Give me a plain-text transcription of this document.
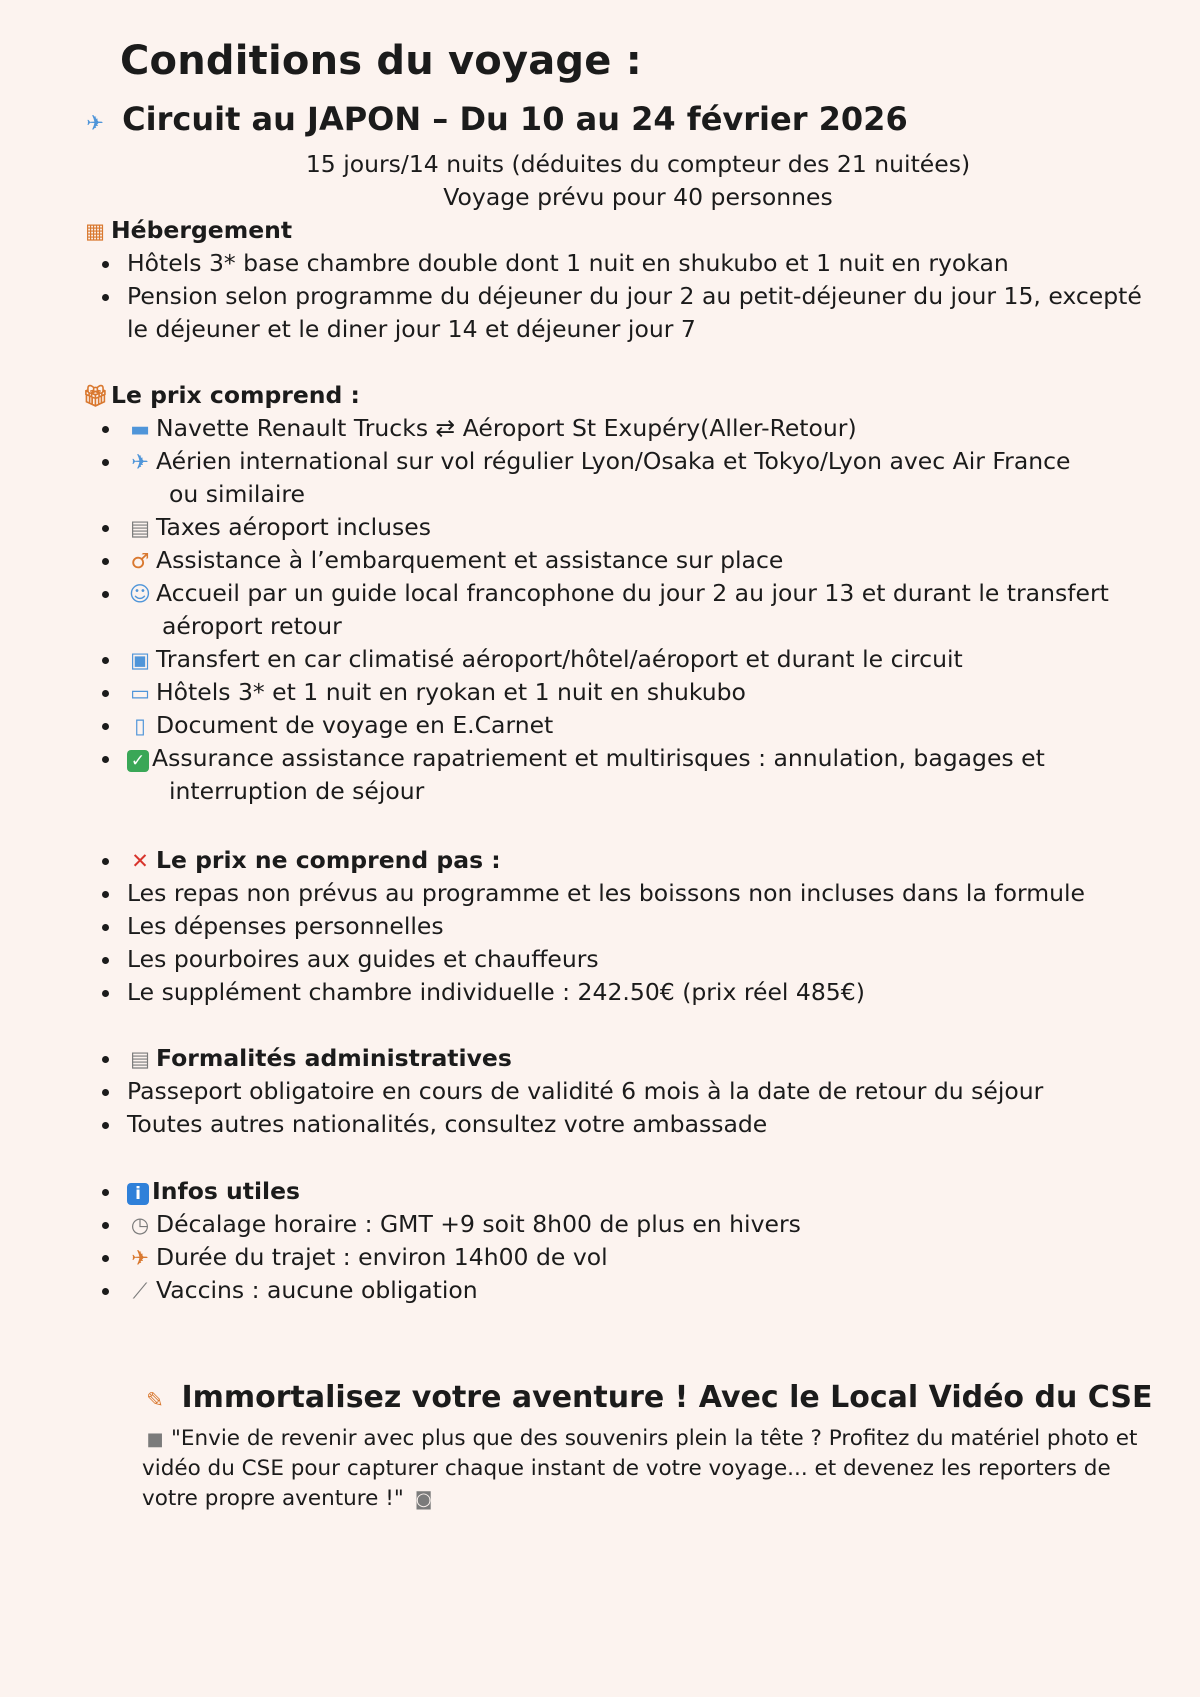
Conditions du voyage :
✈ Circuit au JAPON – Du 10 au 24 février 2026
15 jours/14 nuits (déduites du compteur des 21 nuitées)
Voyage prévu pour 40 personnes
▦ Hébergement
Hôtels 3* base chambre double dont 1 nuit en shukubo et 1 nuit en ryokan
Pension selon programme du déjeuner du jour 2 au petit-déjeuner du jour 15, excepté
le déjeuner et le diner jour 14 et déjeuner jour 7
🎁︎Le prix comprend :
▬ Navette Renault Trucks ⇄ Aéroport St Exupéry(Aller-Retour)
✈ Aérien international sur vol régulier Lyon/Osaka et Tokyo/Lyon avec Air France
ou similaire
▤ Taxes aéroport incluses
♂ Assistance à l’embarquement et assistance sur place
☺ Accueil par un guide local francophone du jour 2 au jour 13 et durant le transfert
aéroport retour
▣ Transfert en car climatisé aéroport/hôtel/aéroport et durant le circuit
▭ Hôtels 3* et 1 nuit en ryokan et 1 nuit en shukubo
▯ Document de voyage en E.Carnet
✓ Assurance assistance rapatriement et multirisques : annulation, bagages et
interruption de séjour
✕ Le prix ne comprend pas :
Les repas non prévus au programme et les boissons non incluses dans la formule
Les dépenses personnelles
Les pourboires aux guides et chauffeurs
Le supplément chambre individuelle : 242.50€ (prix réel 485€)
▤ Formalités administratives
Passeport obligatoire en cours de validité 6 mois à la date de retour du séjour
Toutes autres nationalités, consultez votre ambassade
i Infos utiles
◷ Décalage horaire : GMT +9 soit 8h00 de plus en hivers
✈ Durée du trajet : environ 14h00 de vol
⟋ Vaccins : aucune obligation
✎ Immortalisez votre aventure ! Avec le Local Vidéo du CSE
■ "Envie de revenir avec plus que des souvenirs plein la tête ? Profitez du matériel photo et vidéo du CSE pour capturer chaque instant de votre voyage... et devenez les reporters de votre propre aventure !" ◙
